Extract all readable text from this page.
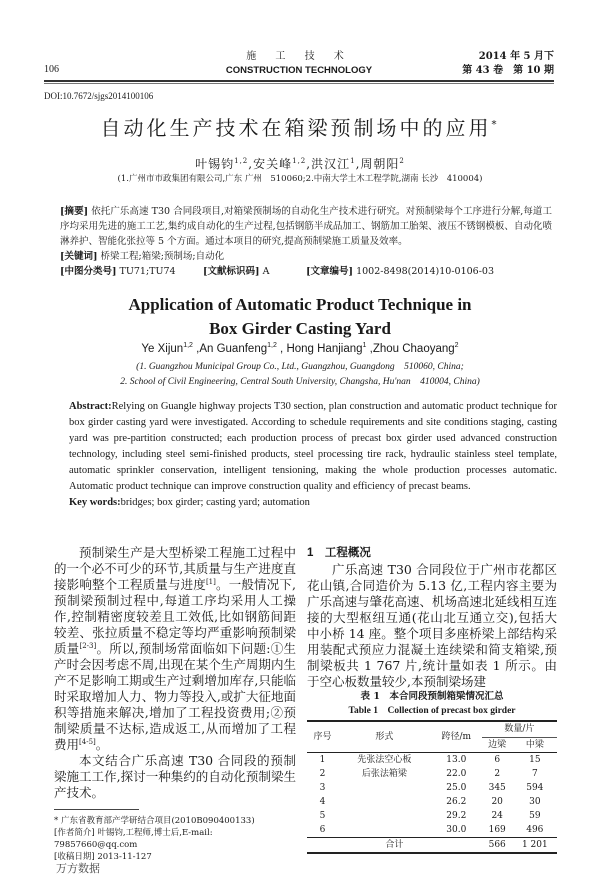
106
施 工 技 术
CONSTRUCTION TECHNOLOGY
2014 年 5 月下
第 43 卷　第 10 期
DOI:10.7672/sjgs2014100106
自动化生产技术在箱梁预制场中的应用*
叶锡钧$^{1,2}$,安关峰$^{1,2}$,洪汉江$^1$,周朝阳$^2$
(1.广州市市政集团有限公司,广东 广州　510060;2.中南大学土木工程学院,湖南 长沙　410004)
[摘要] 依托广乐高速 T30 合同段项目,对箱梁预制场的自动化生产技术进行研究。对预制梁每个工序进行分解,每道工序均采用先进的施工工艺,集约成自动化的生产过程,包括钢筋半成品加工、钢筋加工胎架、液压不锈钢模板、自动化喷淋养护、智能化张拉等 5 个方面。通过本项目的研究,提高预制梁施工质量及效率。
[关键词] 桥梁工程;箱梁;预制场;自动化
[中图分类号] TU71;TU74	[文献标识码] A	[文章编号] 1002-8498(2014)10-0106-03
Application of Automatic Product Technique in
Box Girder Casting Yard
Ye Xijun$^{1,2}$ ,An Guanfeng$^{1,2}$ , Hong Hanjiang$^1$ ,Zhou Chaoyang$^2$
(1. Guangzhou Municipal Group Co., Ltd., Guangzhou, Guangdong　510060, China;
2. School of Civil Engineering, Central South University, Changsha, Hu'nan　410004, China)
Abstract:Relying on Guangle highway projects T30 section, plan construction and automatic product technique for box girder casting yard were investigated. According to schedule requirements and site conditions staging, casting yard was pre-partition constructed; each production process of precast box girder used advanced construction technology, including steel semi-finished products, steel processing tire rack, hydraulic stainless steel template, automatic sprinkler conservation, intelligent tensioning, making the whole production processes automatic. Automatic product technique can improve construction quality and efficiency of precast beams.
Key words:bridges; box girder; casting yard; automation

预制梁生产是大型桥梁工程施工过程中的一个必不可少的环节,其质量与生产进度直接影响整个工程质量与进度[1]。一般情况下,预制梁预制过程中,每道工序均采用人工操作,控制精密度较差且工效低,比如钢筋间距较差、张拉质量不稳定等均严重影响预制梁质量[2-3]。所以,预制场常面临如下问题:①生产时会因考虑不周,出现在某个生产周期内生产不足影响工期或生产过剩增加库存,只能临时采取增加人力、物力等投入,或扩大征地面积等措施来解决,增加了工程投资费用;②预制梁质量不达标,造成返工,从而增加了工程费用[4-5]。

本文结合广乐高速 T30 合同段的预制梁施工工作,探讨一种集约的自动化预制梁生产技术。

* 广东省教育部产学研结合项目(2010B090400133)
[作者简介] 叶锡钧,工程师,博士后,E-mail: 79857660@qq.com
[收稿日期] 2013-11-127
1　工程概况

广乐高速 T30 合同段位于广州市花都区花山镇,合同造价为 5.13 亿,工程内容主要为广乐高速与肇花高速、机场高速北延线相互连接的大型枢纽互通(花山北互通立交),包括大中小桥 14 座。整个项目多座桥梁上部结构采用装配式预应力混凝土连续梁和简支箱梁,预制梁板共 1 767 片,统计量如表 1 所示。由于空心板数量较少,本预制梁场建

表 1　本合同段预制箱梁情况汇总
Table 1　Collection of precast box girder
序号	形式	跨径/m	数量/片	
			边梁	中梁
1	先张法空心板	13.0	6	15
2	后张法箱梁	22.0	2	7
3		25.0	345	594
4		26.2	20	30
5		29.2	24	59
6		30.0	169	496
合计			566	1 201
万方数据
